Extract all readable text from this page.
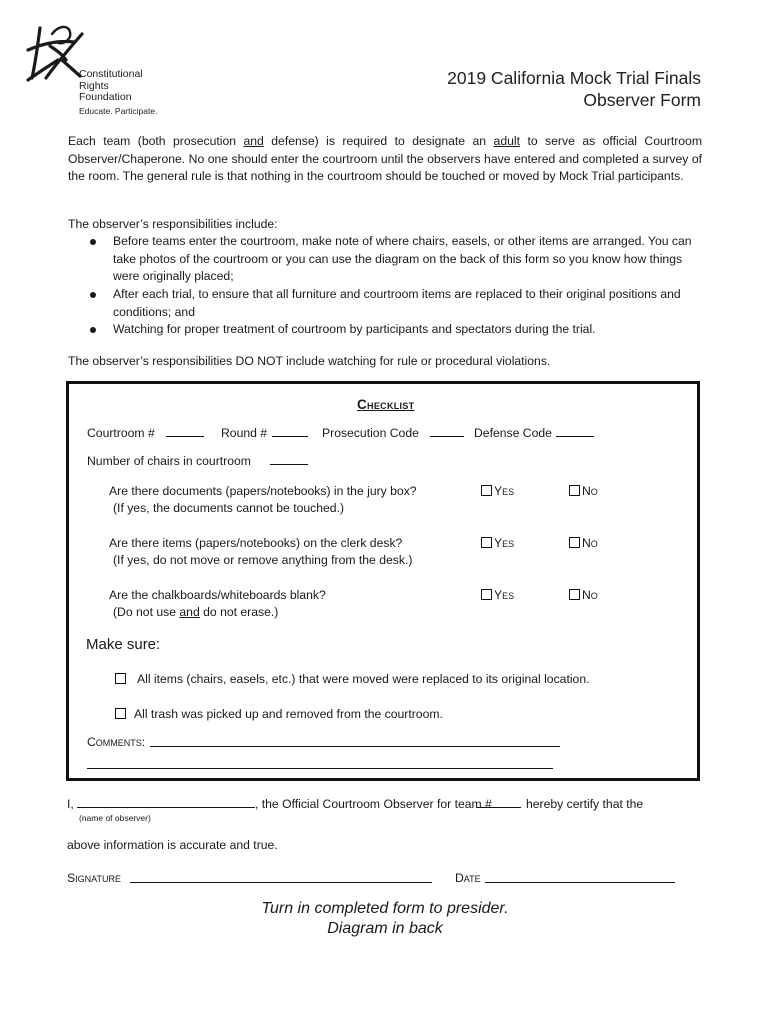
Constitutional
Rights
Foundation
Educate. Participate.
2019 California Mock Trial Finals
Observer Form
Each team (both prosecution and defense) is required to designate an adult to serve as official Courtroom Observer/Chaperone. No one should enter the courtroom until the observers have entered and completed a survey of the room. The general rule is that nothing in the courtroom should be touched or moved by Mock Trial participants.
The observer’s responsibilities include:
Before teams enter the courtroom, make note of where chairs, easels, or other items are arranged. You can take photos of the courtroom or you can use the diagram on the back of this form so you know how things were originally placed;
After each trial, to ensure that all furniture and courtroom items are replaced to their original positions and conditions; and
Watching for proper treatment of courtroom by participants and spectators during the trial.
The observer’s responsibilities DO NOT include watching for rule or procedural violations.
Checklist
Courtroom #	Round #	Prosecution Code	Defense Code
Number of chairs in courtroom
Are there documents (papers/notebooks) in the jury box?
(If yes, the documents cannot be touched.)
Yes	No
Are there items (papers/notebooks) on the clerk desk?
(If yes, do not move or remove anything from the desk.)
Yes	No
Are the chalkboards/whiteboards blank?
(Do not use and do not erase.)
Yes	No
Make sure:
All items (chairs, easels, etc.) that were moved were replaced to its original location.
All trash was picked up and removed from the courtroom.
Comments:
I,	, the Official Courtroom Observer for team #	hereby certify that the
(name of observer)
above information is accurate and true.
Signature	Date
Turn in completed form to presider.
Diagram in back
